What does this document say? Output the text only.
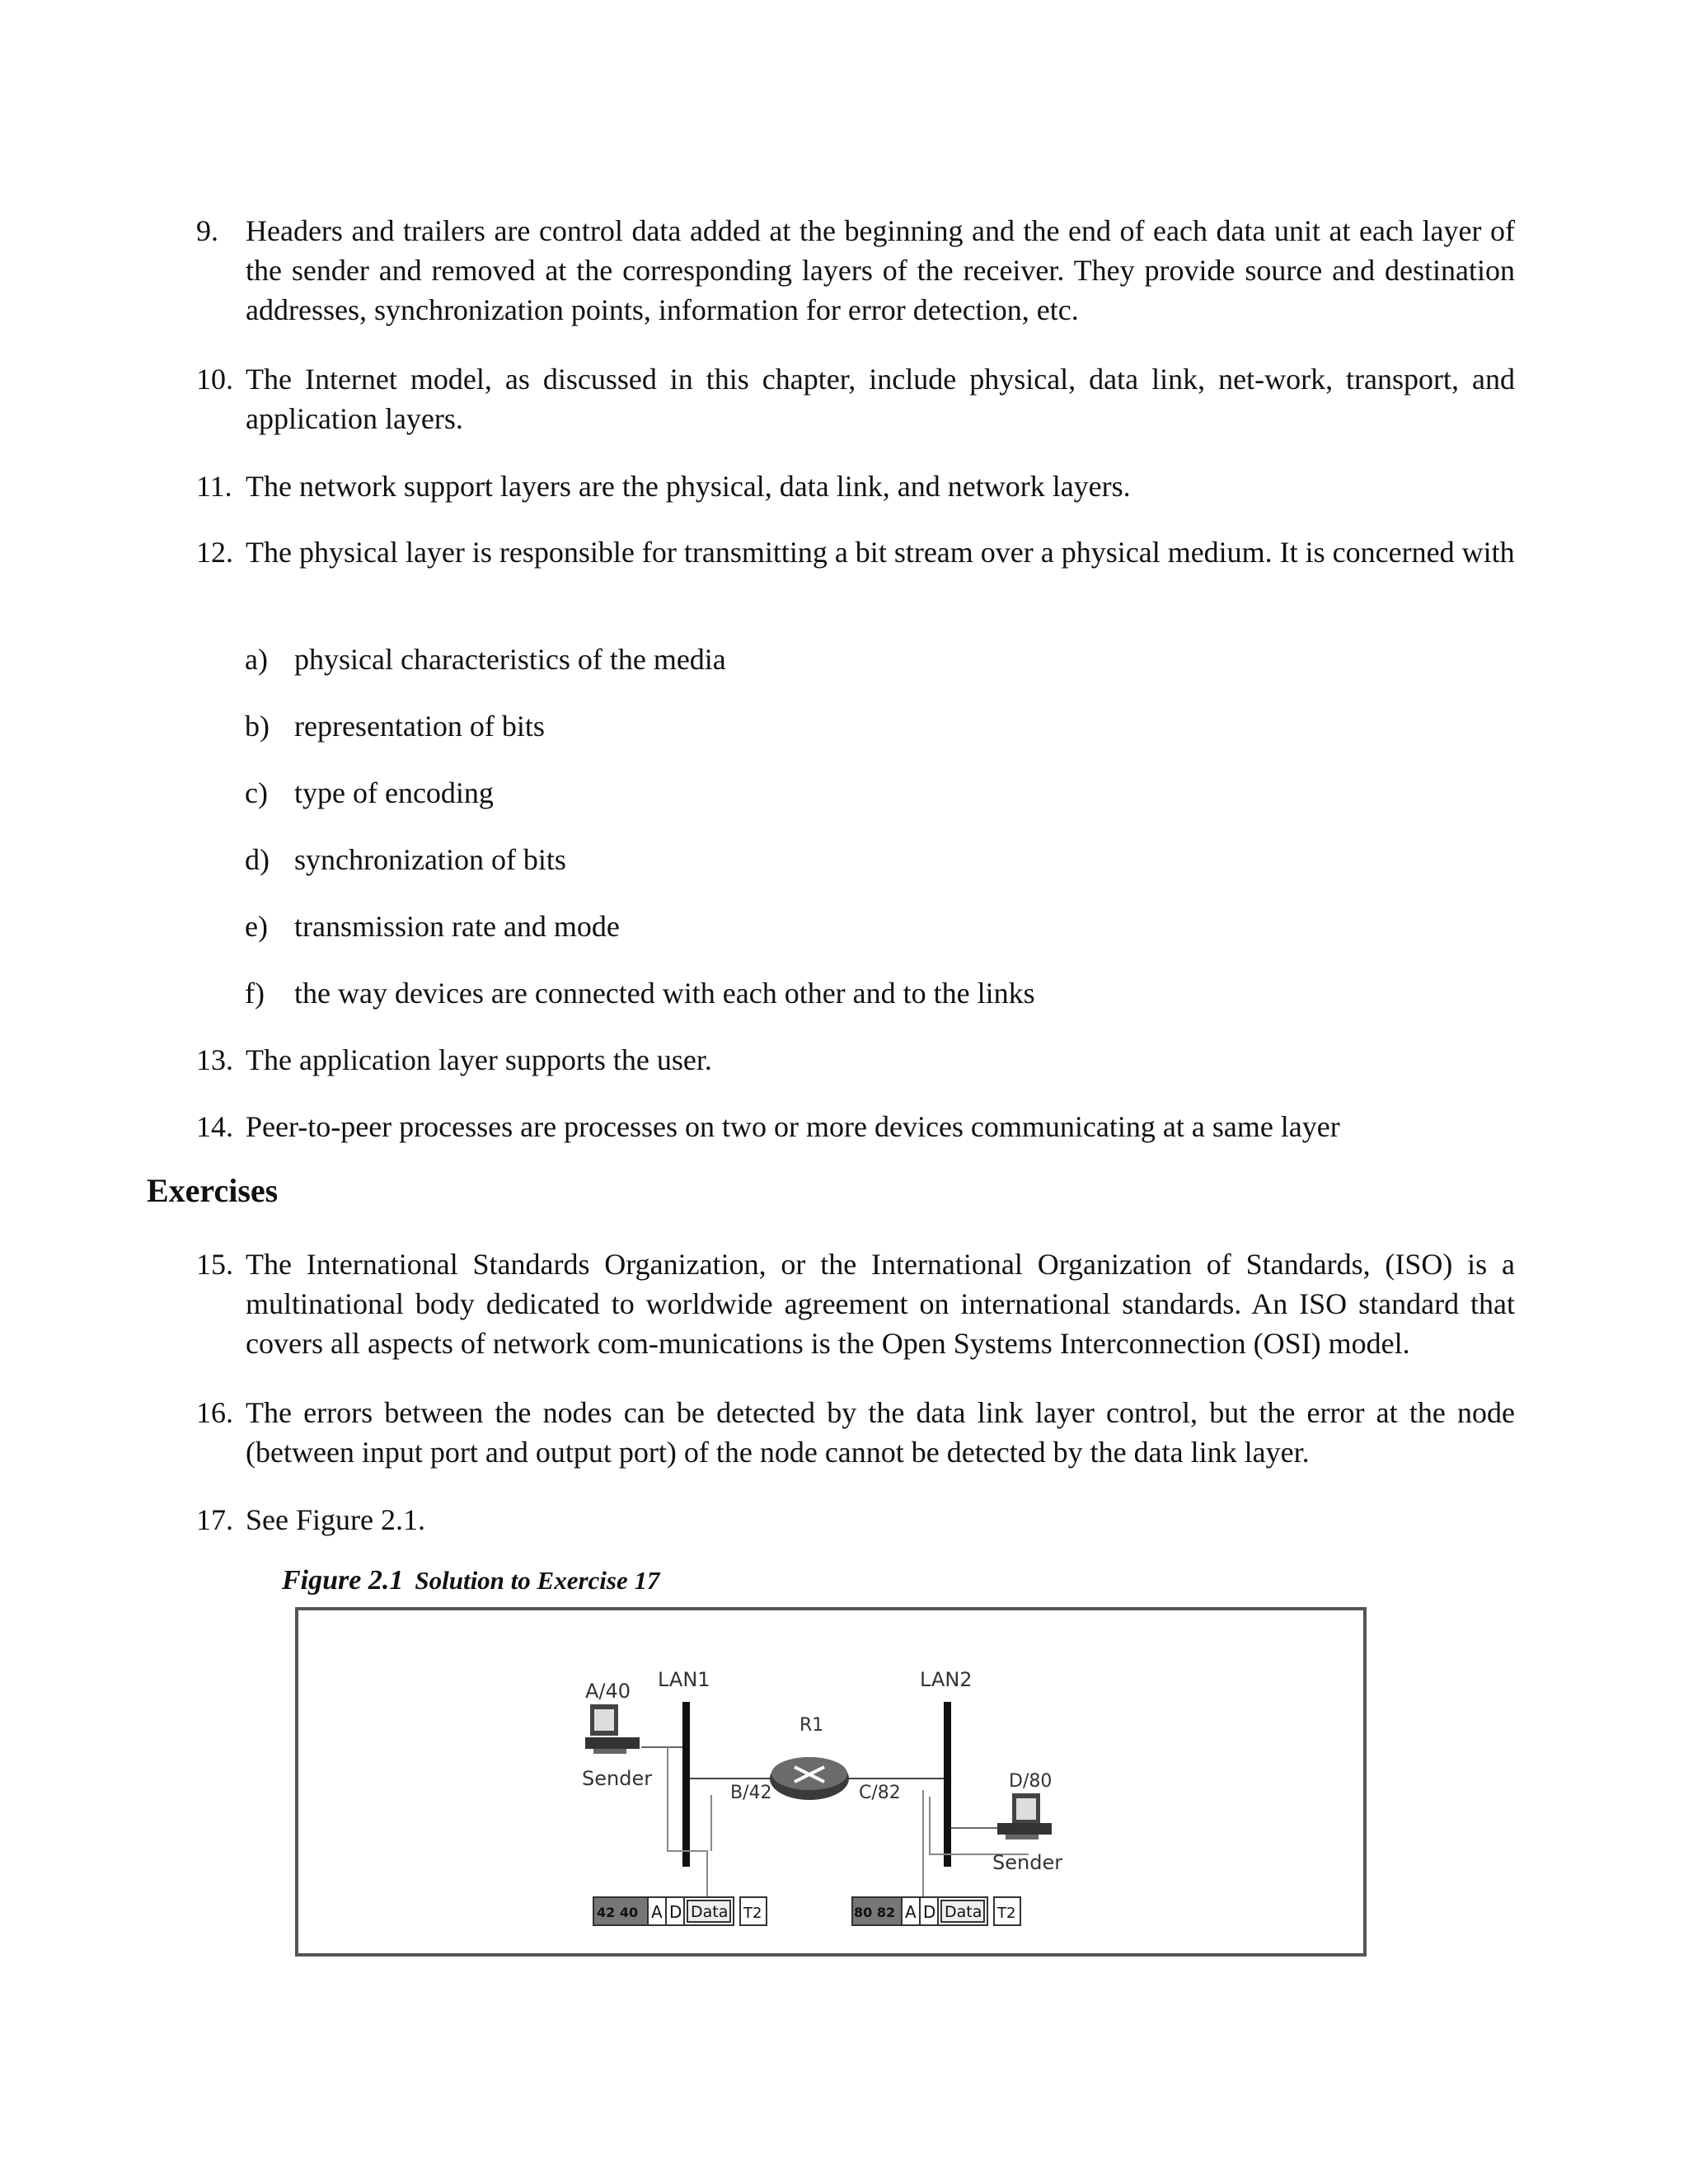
9. Headers and trailers are control data added at the beginning and the end of each data unit at each layer of the sender and removed at the corresponding layers of the receiver. They provide source and destination addresses, synchronization points, information for error detection, etc.
10. The Internet model, as discussed in this chapter, include physical, data link, net-work, transport, and application layers.
11. The network support layers are the physical, data link, and network layers.
12. The physical layer is responsible for transmitting a bit stream over a physical medium. It is concerned with
a) physical characteristics of the media
b) representation of bits
c) type of encoding
d) synchronization of bits
e) transmission rate and mode
f) the way devices are connected with each other and to the links
13. The application layer supports the user.
14. Peer-to-peer processes are processes on two or more devices communicating at a same layer
Exercises
15. The International Standards Organization, or the International Organization of Standards, (ISO) is a multinational body dedicated to worldwide agreement on international standards. An ISO standard that covers all aspects of network com-munications is the Open Systems Interconnection (OSI) model.
16. The errors between the nodes can be detected by the data link layer control, but the error at the node (between input port and output port) of the node cannot be detected by the data link layer.
17. See Figure 2.1.
Figure 2.1 Solution to Exercise 17
LAN1	LAN2
R1
A/40
Sender
B/42	C/82
D/80
Sender
42 40 A D Data T2	80 82 A D Data T2
